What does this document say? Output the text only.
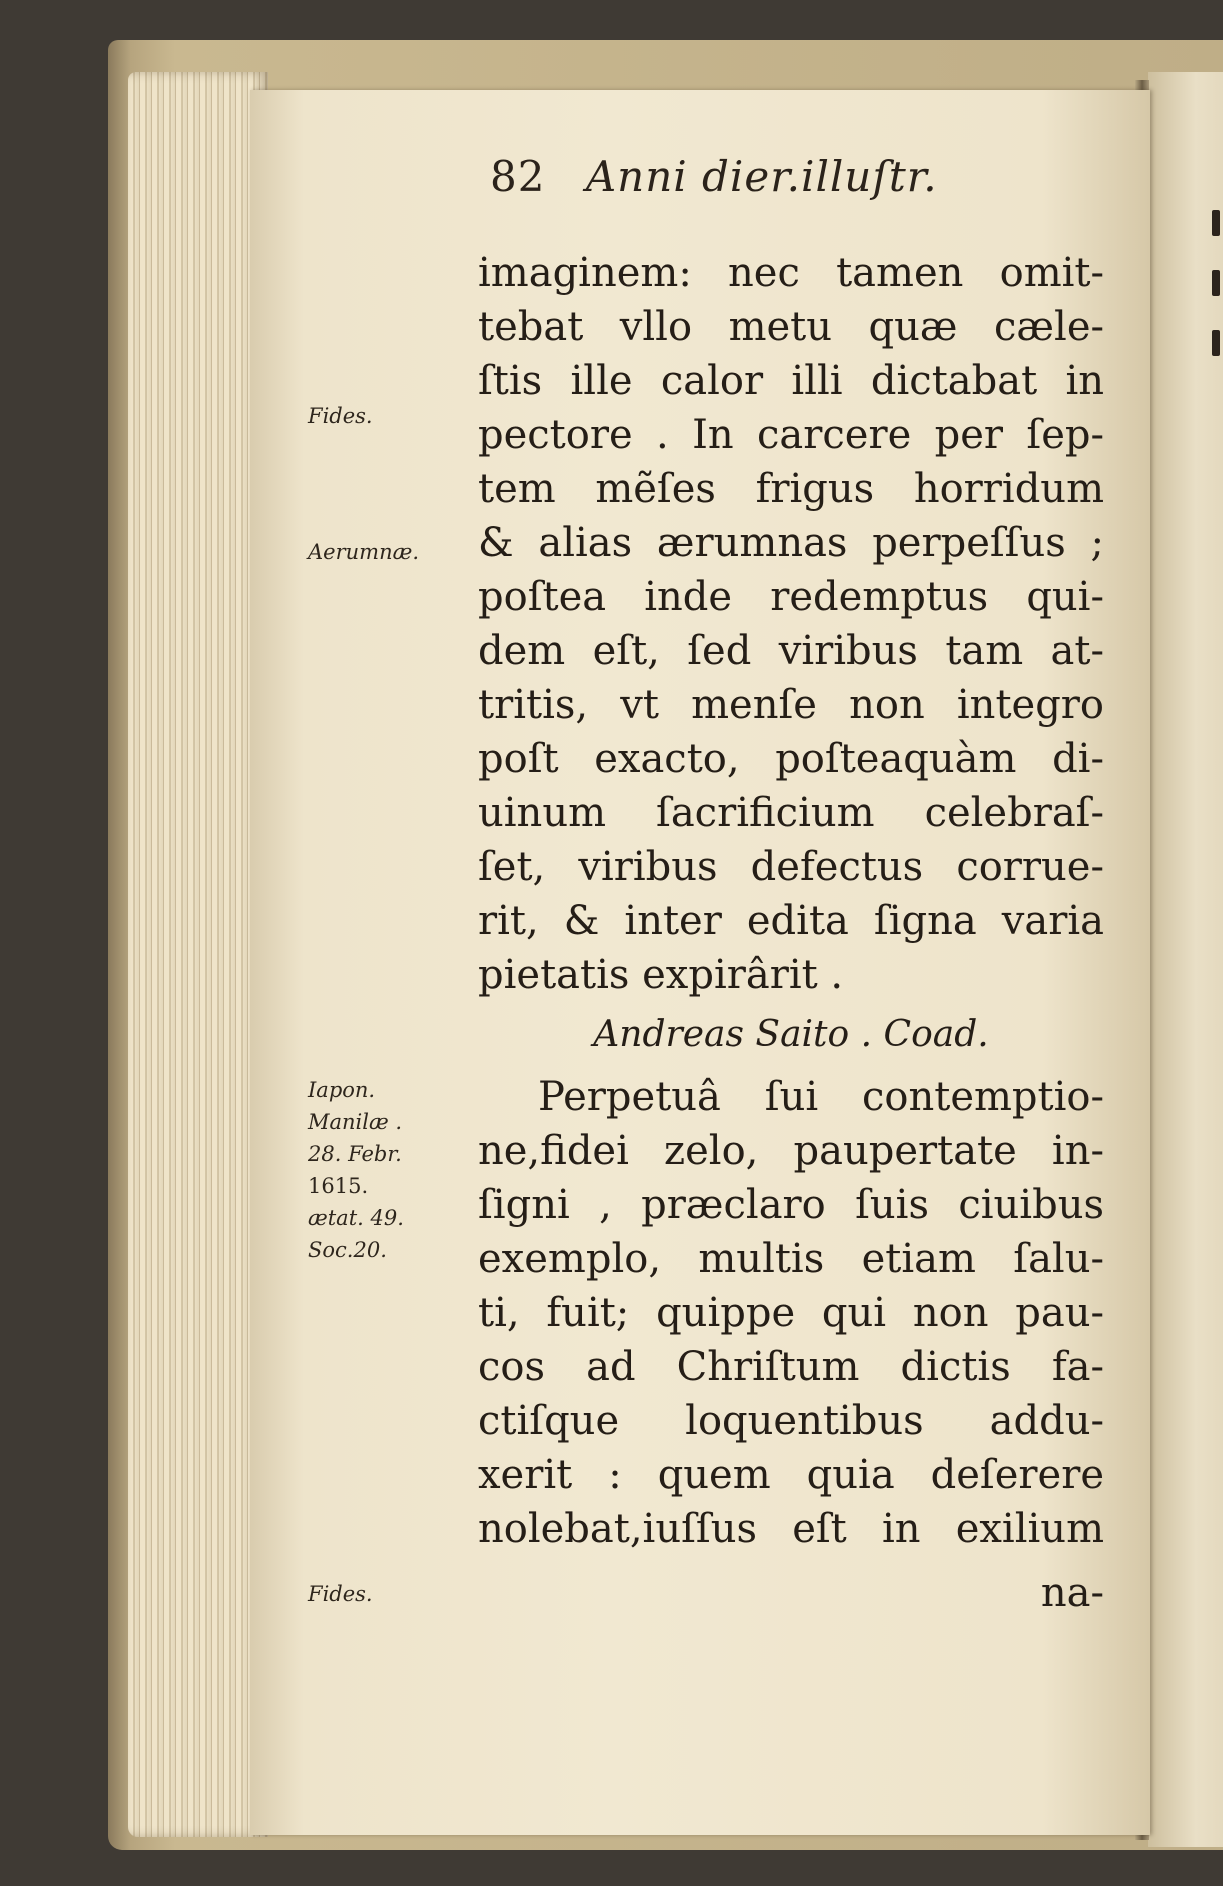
82 Anni dier.illuſtr.
Fides.
Aerumnæ.
Iapon.
Manilæ .
28. Febr.
1615.
ætat. 49.
Soc.20.
Fides.
imaginem: nec tamen omit-
tebat vllo metu quæ cæle-
ſtis ille calor illi dictabat in
pectore . In carcere per ſep-
tem mẽſes frigus horridum
& alias ærumnas perpeſſus ;
poſtea inde redemptus qui-
dem eſt, ſed viribus tam at-
tritis, vt menſe non integro
poſt exacto, poſteaquàm di-
uinum ſacrificium celebraſ-
ſet, viribus defectus corrue-
rit, & inter edita ſigna varia
pietatis expirârit .
Andreas Saito . Coad.
Perpetuâ ſui contemptio-
ne,fidei zelo, paupertate in-
ſigni , præclaro ſuis ciuibus
exemplo, multis etiam ſalu-
ti, fuit; quippe qui non pau-
cos ad Chriſtum dictis fa-
ctiſque loquentibus addu-
xerit : quem quia deſerere
nolebat,iuſſus eſt in exilium
na-
